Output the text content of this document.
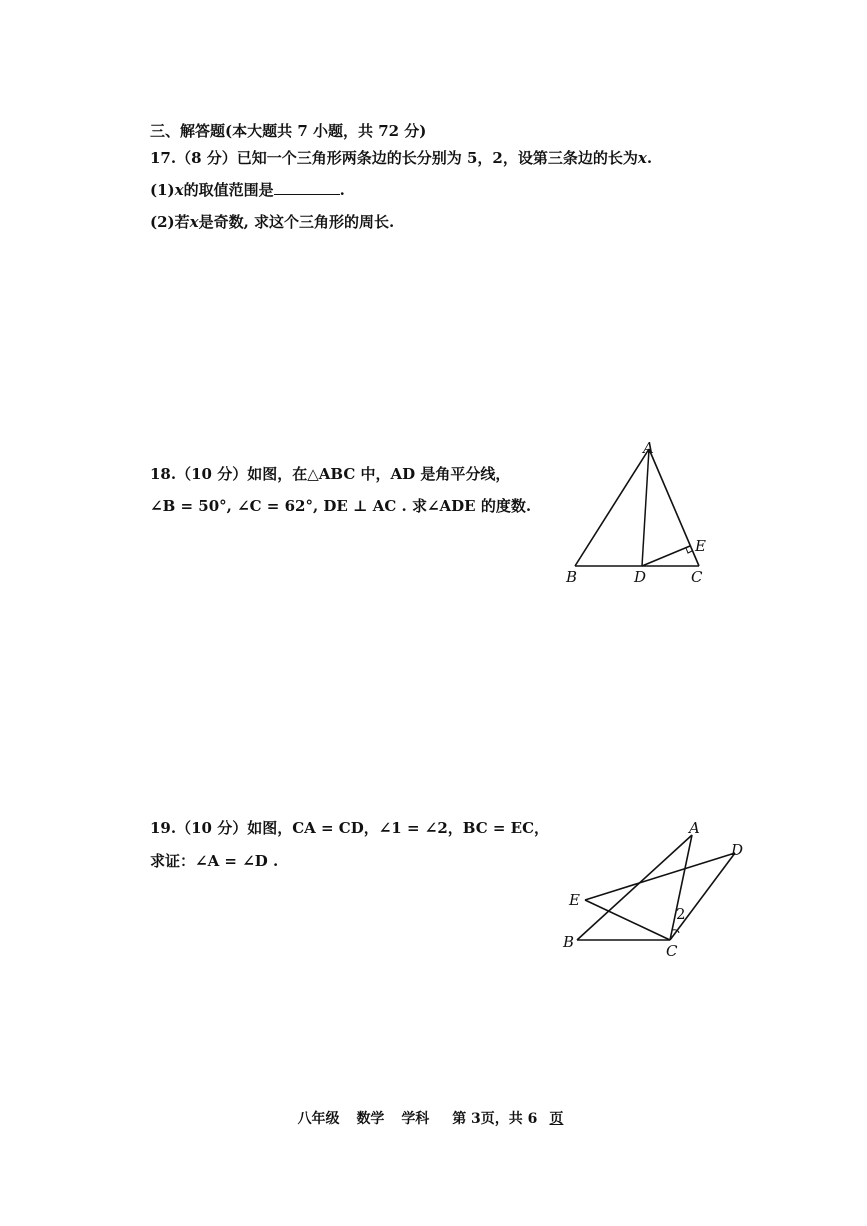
三、解答题(本大题共 7 小题，共 72 分)
17.（8 分）已知一个三角形两条边的长分别为 5，2，设第三条边的长为x.
(1)x的取值范围是	.
(2)若x是奇数, 求这个三角形的周长.
18.（10 分）如图，在△ABC 中，AD 是角平分线，
∠B = 50°, ∠C = 62°, DE ⊥ AC . 求∠ADE 的度数.
A
B	D	C
E
19.（10 分）如图，CA = CD，∠1 = ∠2，BC = EC，
求证：∠A = ∠D .
A
D
E
B	C
2
八年级 数学 学科 第 3页，共 6 页
